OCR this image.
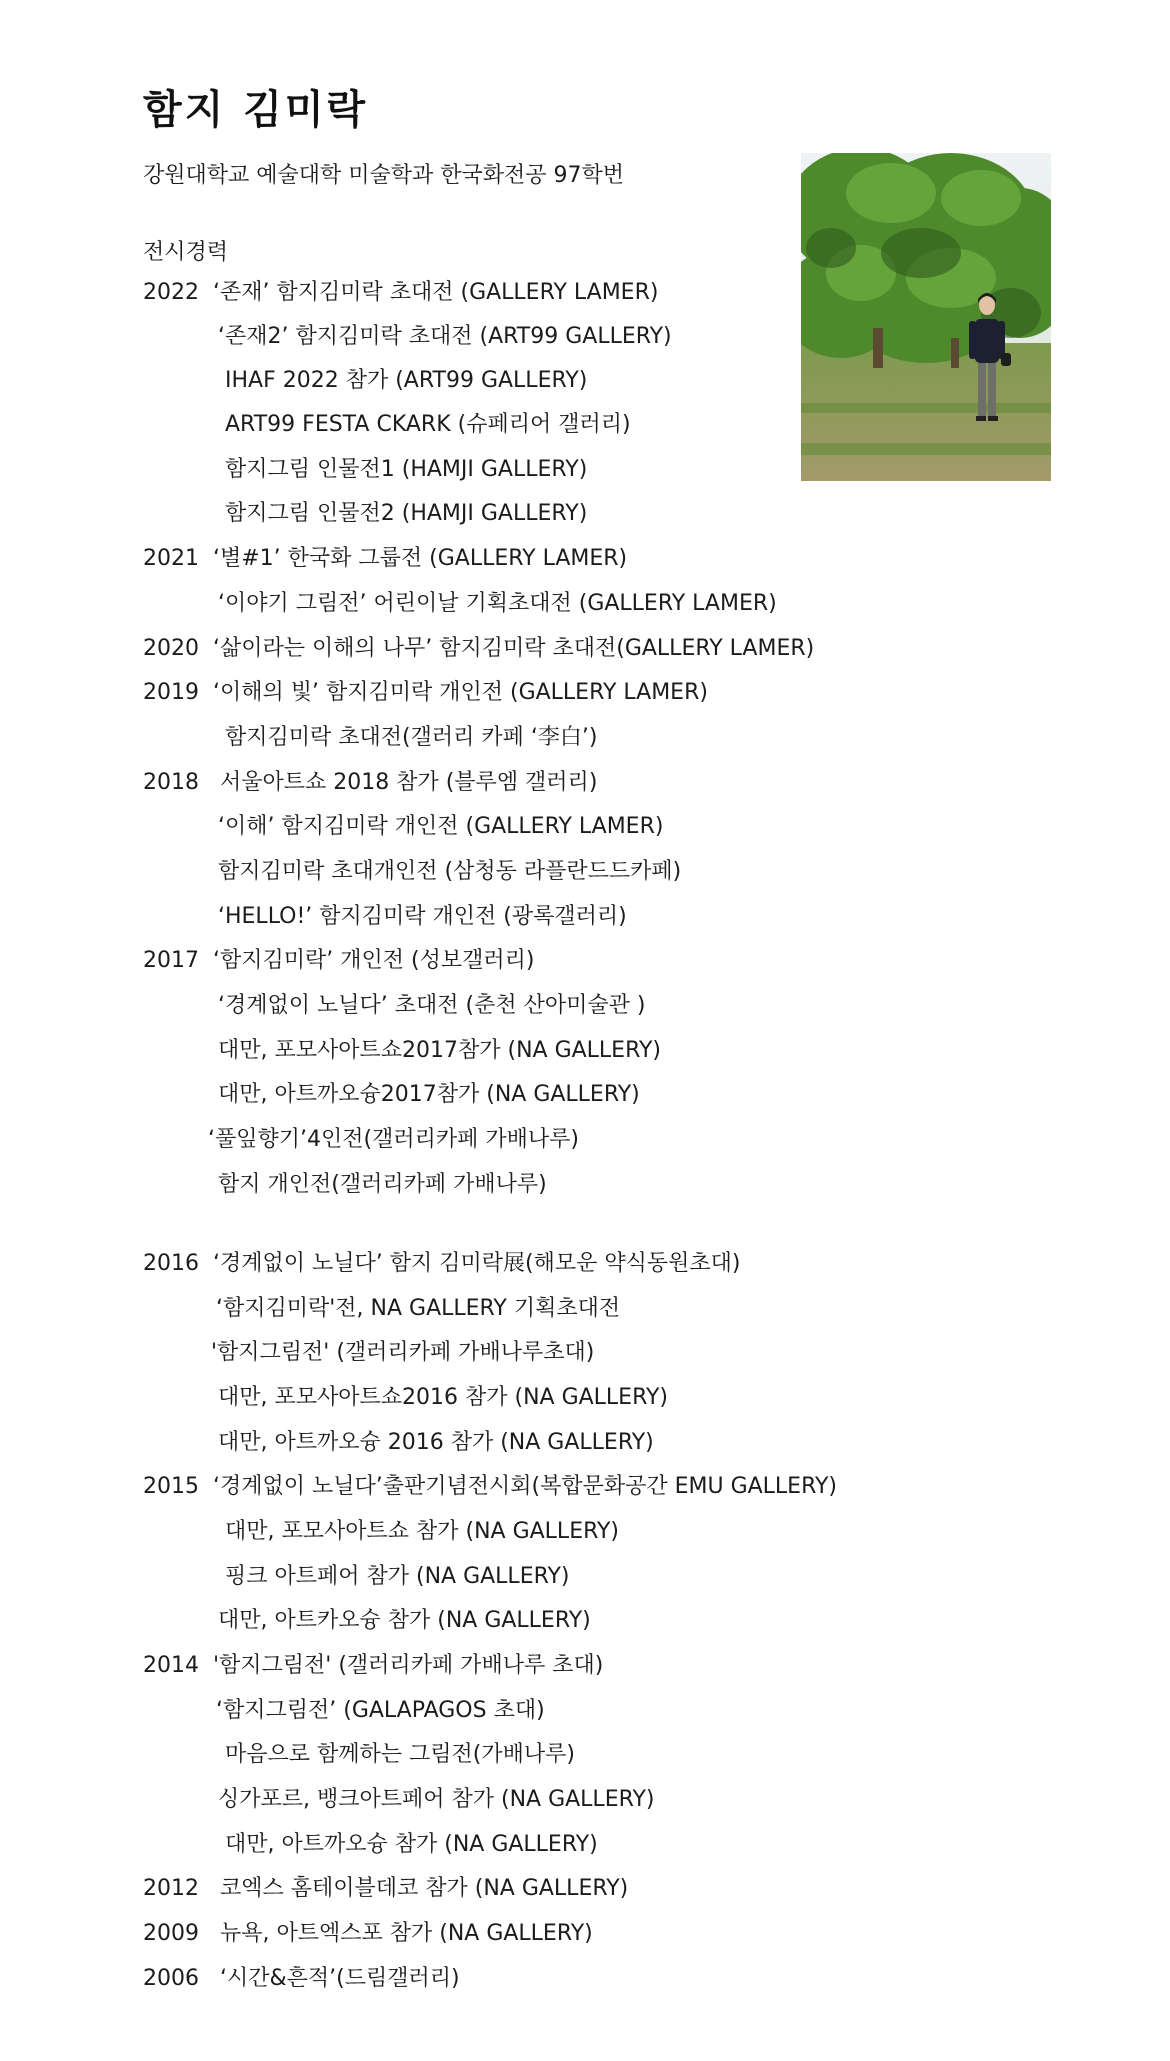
함지 김미락
강원대학교 예술대학 미술학과 한국화전공 97학번
전시경력
2022 ‘존재’ 함지김미락 초대전 (GALLERY LAMER)
‘존재2’ 함지김미락 초대전 (ART99 GALLERY)
IHAF 2022 참가 (ART99 GALLERY)
ART99 FESTA CKARK (슈페리어 갤러리)
함지그림 인물전1 (HAMJI GALLERY)
함지그림 인물전2 (HAMJI GALLERY)
2021 ‘별#1’ 한국화 그룹전 (GALLERY LAMER)
‘이야기 그림전’ 어린이날 기획초대전 (GALLERY LAMER)
2020 ‘삶이라는 이해의 나무’ 함지김미락 초대전(GALLERY LAMER)
2019 ‘이해의 빛’ 함지김미락 개인전 (GALLERY LAMER)
함지김미락 초대전(갤러리 카페 ‘李白’)
2018 서울아트쇼 2018 참가 (블루엠 갤러리)
‘이해’ 함지김미락 개인전 (GALLERY LAMER)
함지김미락 초대개인전 (삼청동 라플란드드카페)
‘HELLO!’ 함지김미락 개인전 (광록갤러리)
2017 ‘함지김미락’ 개인전 (성보갤러리)
‘경계없이 노닐다’ 초대전 (춘천 산아미술관 )
대만, 포모사아트쇼2017참가 (NA GALLERY)
대만, 아트까오슝2017참가 (NA GALLERY)
‘풀잎향기’4인전(갤러리카페 가배나루)
함지 개인전(갤러리카페 가배나루)
2016 ‘경계없이 노닐다’ 함지 김미락展(해모운 약식동원초대)
‘함지김미락'전, NA GALLERY 기획초대전
'함지그림전' (갤러리카페 가배나루초대)
대만, 포모사아트쇼2016 참가 (NA GALLERY)
대만, 아트까오슝 2016 참가 (NA GALLERY)
2015 ‘경계없이 노닐다’출판기념전시회(복합문화공간 EMU GALLERY)
대만, 포모사아트쇼 참가 (NA GALLERY)
핑크 아트페어 참가 (NA GALLERY)
대만, 아트카오슝 참가 (NA GALLERY)
2014 '함지그림전' (갤러리카페 가배나루 초대)
‘함지그림전’ (GALAPAGOS 초대)
마음으로 함께하는 그림전(가배나루)
싱가포르, 뱅크아트페어 참가 (NA GALLERY)
대만, 아트까오슝 참가 (NA GALLERY)
2012 코엑스 홈테이블데코 참가 (NA GALLERY)
2009 뉴욕, 아트엑스포 참가 (NA GALLERY)
2006 ‘시간&흔적’(드림갤러리)
